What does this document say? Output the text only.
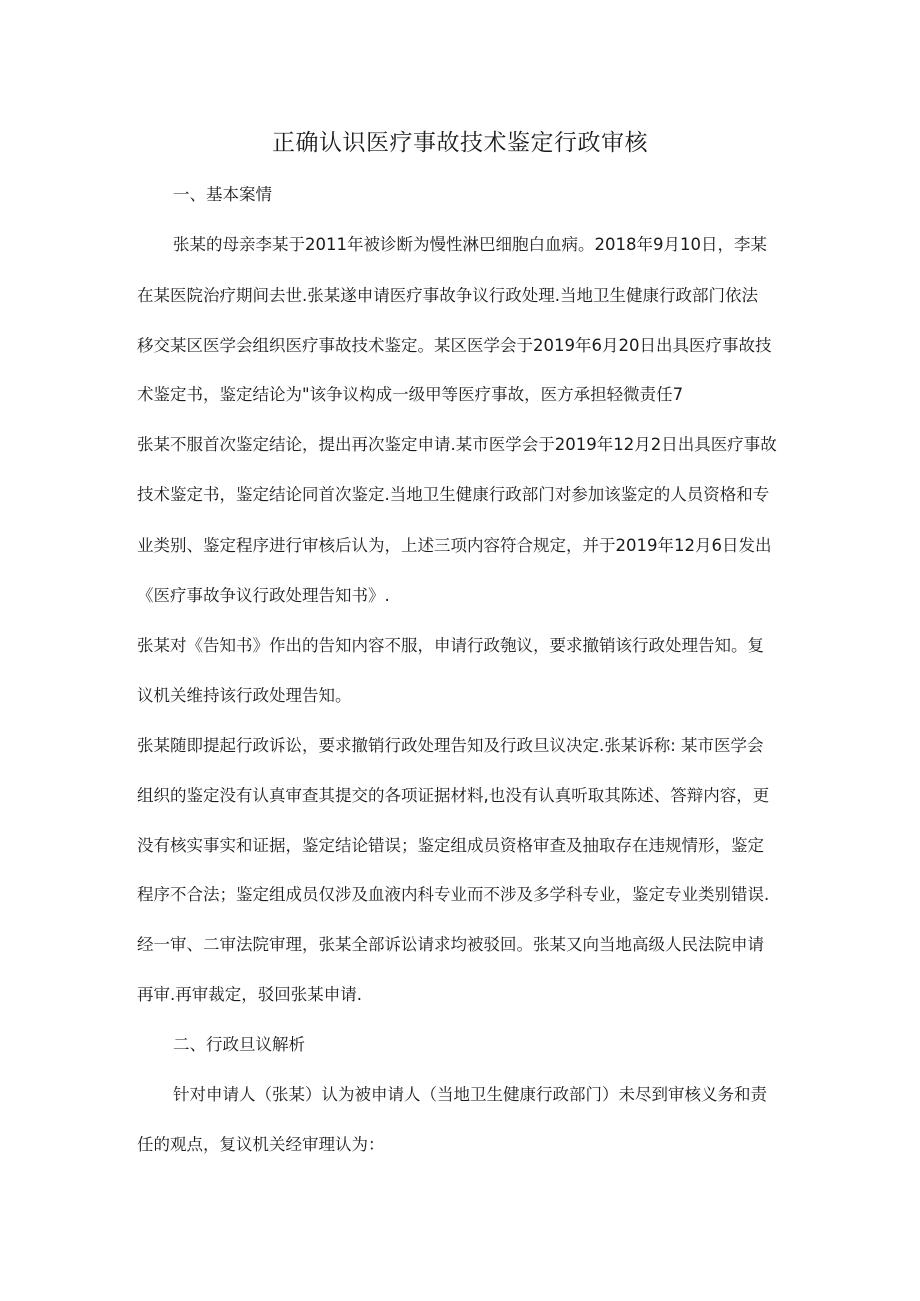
正确认识医疗事故技术鉴定行政审核
一、基本案情
张某的母亲李某于2011年被诊断为慢性淋巴细胞白血病。2018年9月10日，李某
在某医院治疗期间去世.张某遂申请医疗事故争议行政处理.当地卫生健康行政部门依法
移交某区医学会组织医疗事故技术鉴定。某区医学会于2019年6月20日出具医疗事故技
术鉴定书，鉴定结论为"该争议构成一级甲等医疗事故，医方承担轻微责任7
张某不服首次鉴定结论，提出再次鉴定申请.某市医学会于2019年12月2日出具医疗事故
技术鉴定书，鉴定结论同首次鉴定.当地卫生健康行政部门对参加该鉴定的人员资格和专
业类别、鉴定程序进行审核后认为，上述三项内容符合规定，并于2019年12月6日发出
《医疗事故争议行政处理告知书》.
张某对《告知书》作出的告知内容不服，申请行政匏议，要求撤销该行政处理告知。复
议机关维持该行政处理告知。
张某随即提起行政诉讼，要求撤销行政处理告知及行政旦议决定.张某诉称: 某市医学会
组织的鉴定没有认真审查其提交的各项证据材料,也没有认真听取其陈述、答辩内容，更
没有核实事实和证据，鉴定结论错误；鉴定组成员资格审查及抽取存在违规情形，鉴定
程序不合法；鉴定组成员仅涉及血液内科专业而不涉及多学科专业，鉴定专业类别错误.
经一审、二审法院审理，张某全部诉讼请求均被驳回。张某又向当地高级人民法院申请
再审.再审裁定，驳回张某申请.
二、行政旦议解析
针对申请人（张某）认为被申请人（当地卫生健康行政部门）未尽到审核义务和责
任的观点，复议机关经审理认为：
